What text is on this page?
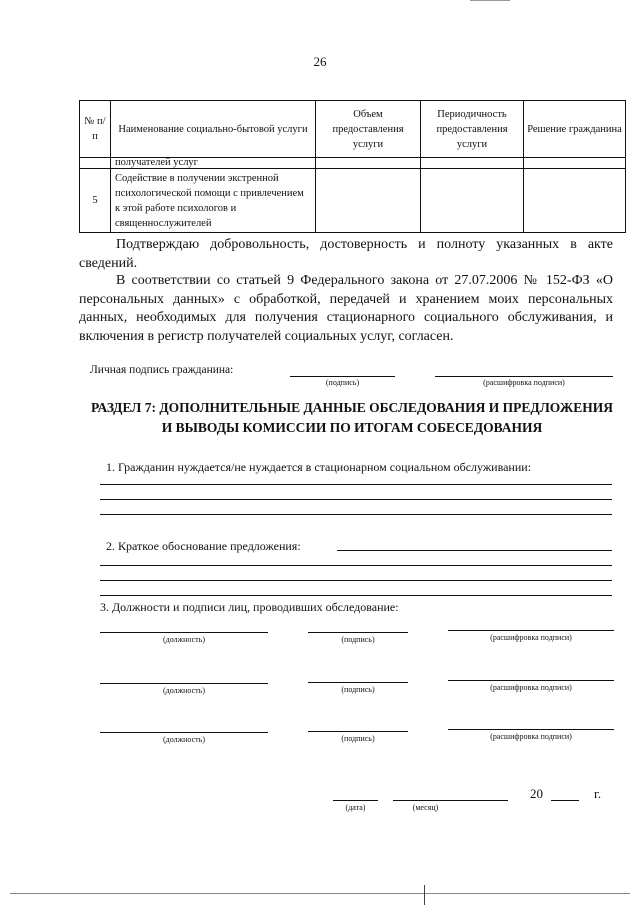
26
№ п/п	Наименование социально-бытовой услуги	Объем предоставления услуги	Периодичность предоставления услуги	Решение гражданина
	получателей услуг			
5	Содействие в получении экстренной психологической помощи с привлечением к этой работе психологов и священнослужителей			
Подтверждаю добровольность, достоверность и полноту указанных в акте сведений.
В соответствии со статьей 9 Федерального закона от 27.07.2006 № 152-ФЗ «О персональных данных» с обработкой, передачей и хранением моих персональных данных, необходимых для получения стационарного социального обслуживания, и включения в регистр получателей социальных услуг, согласен.
Личная подпись гражданина:
(подпись)	(расшифровка подписи)
РАЗДЕЛ 7: ДОПОЛНИТЕЛЬНЫЕ ДАННЫЕ ОБСЛЕДОВАНИЯ И ПРЕДЛОЖЕНИЯ
И ВЫВОДЫ КОМИССИИ ПО ИТОГАМ СОБЕСЕДОВАНИЯ
1. Гражданин нуждается/не нуждается в стационарном социальном обслуживании:
2. Краткое обоснование предложения:
3. Должности и подписи лиц, проводивших обследование:
(должность)	(подпись)	(расшифровка подписи)
(должность)	(подпись)	(расшифровка подписи)
(должность)	(подпись)	(расшифровка подписи)
(дата)	(месяц)
20	г.
